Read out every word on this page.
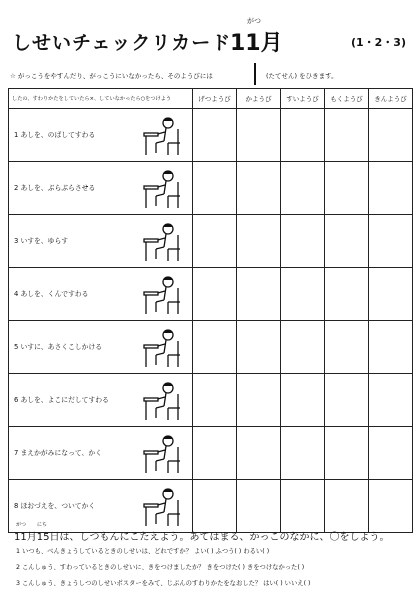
しせいチェックリカード
がつ
11月	(1・2・3)
☆ がっこうをやすんだり、がっこうにいなかったら、そのようびには	(たてせん) をひきます。
したの、すわりかたをしていたら×、していなかったら○をつけよう	げつようび	かようび	すいようび	もくようび	きんようび

1 あしを、のばしてすわる					

2 あしを、ぶらぶらさせる					

3 いすを、ゆらす					

4 あしを、くんですわる					

5 いすに、あさくこしかける					

6 あしを、よこにだしてすわる					

7 まえかがみになって、かく					

8 ほおづえを、ついてかく					

がつ にち
11月15日は、しつもんにこたえよう。あてはまる、かっこのなかに、〇をしよう。
1 いつも、べんきょうしているときのしせいは、どれですか？ よい( ) ふつう( ) わるい( )
2 こんしゅう、すわっているときのしせいに、きをつけましたか？ きをつけた( ) きをつけなかった( )
3 こんしゅう、きょうしつのしせいポスターをみて、じぶんのすわりかたをなおした？ はい( ) いいえ( )
